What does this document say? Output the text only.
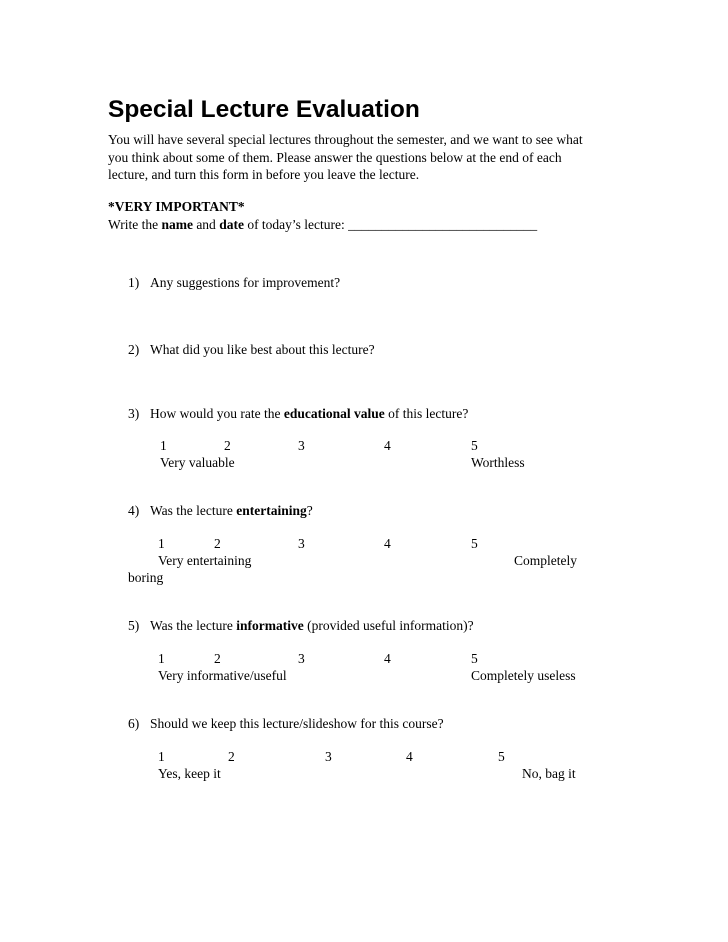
Special Lecture Evaluation
You will have several special lectures throughout the semester, and we want to see what
you think about some of them. Please answer the questions below at the end of each
lecture, and turn this form in before you leave the lecture.
*VERY IMPORTANT*
Write the name and date of today’s lecture: ____________________________
1) Any suggestions for improvement?
2) What did you like best about this lecture?
3) How would you rate the educational value of this lecture?
1	2	3	4	5
Very valuable	Worthless
4) Was the lecture entertaining?
1	2	3	4	5
Very entertaining	Completely
boring
5) Was the lecture informative (provided useful information)?
1	2	3	4	5
Very informative/useful	Completely useless
6) Should we keep this lecture/slideshow for this course?
1	2	3	4	5
Yes, keep it	No, bag it
